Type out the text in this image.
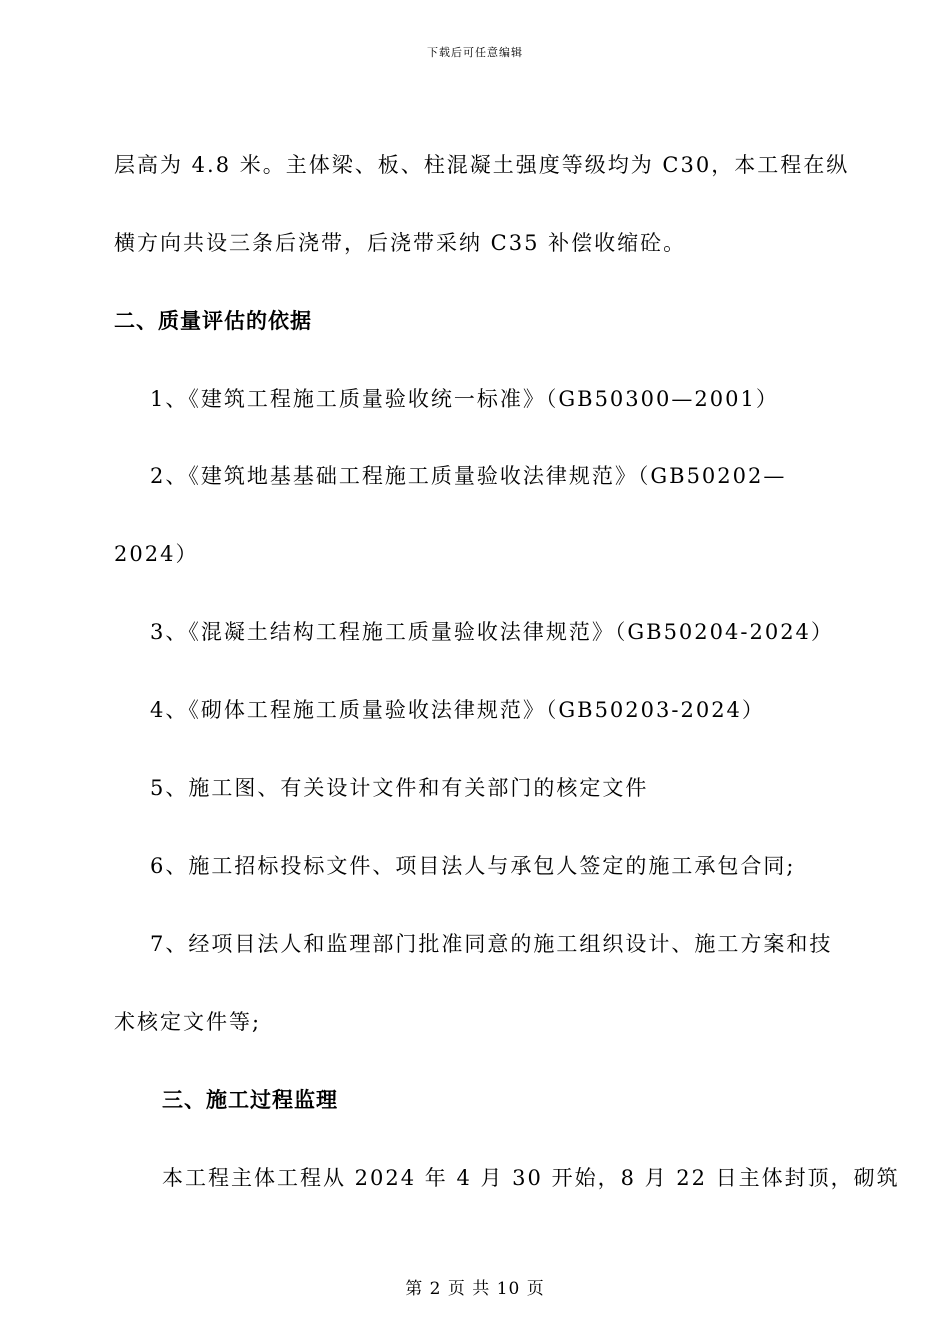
下载后可任意编辑
层高为 4.8 米。主体梁、板、柱混凝土强度等级均为 C30，本工程在纵
横方向共设三条后浇带，后浇带采纳 C35 补偿收缩砼。
二、质量评估的依据
1、《建筑工程施工质量验收统一标准》（GB50300—2001）
2、《建筑地基基础工程施工质量验收法律规范》（GB50202—
2024）
3、《混凝土结构工程施工质量验收法律规范》（GB50204-2024）
4、《砌体工程施工质量验收法律规范》（GB50203-2024）
5、施工图、有关设计文件和有关部门的核定文件
6、施工招标投标文件、项目法人与承包人签定的施工承包合同;
7、经项目法人和监理部门批准同意的施工组织设计、施工方案和技
术核定文件等;
三、施工过程监理
本工程主体工程从 2024 年 4 月 30 开始，8 月 22 日主体封顶，砌筑
第 2 页 共 10 页
